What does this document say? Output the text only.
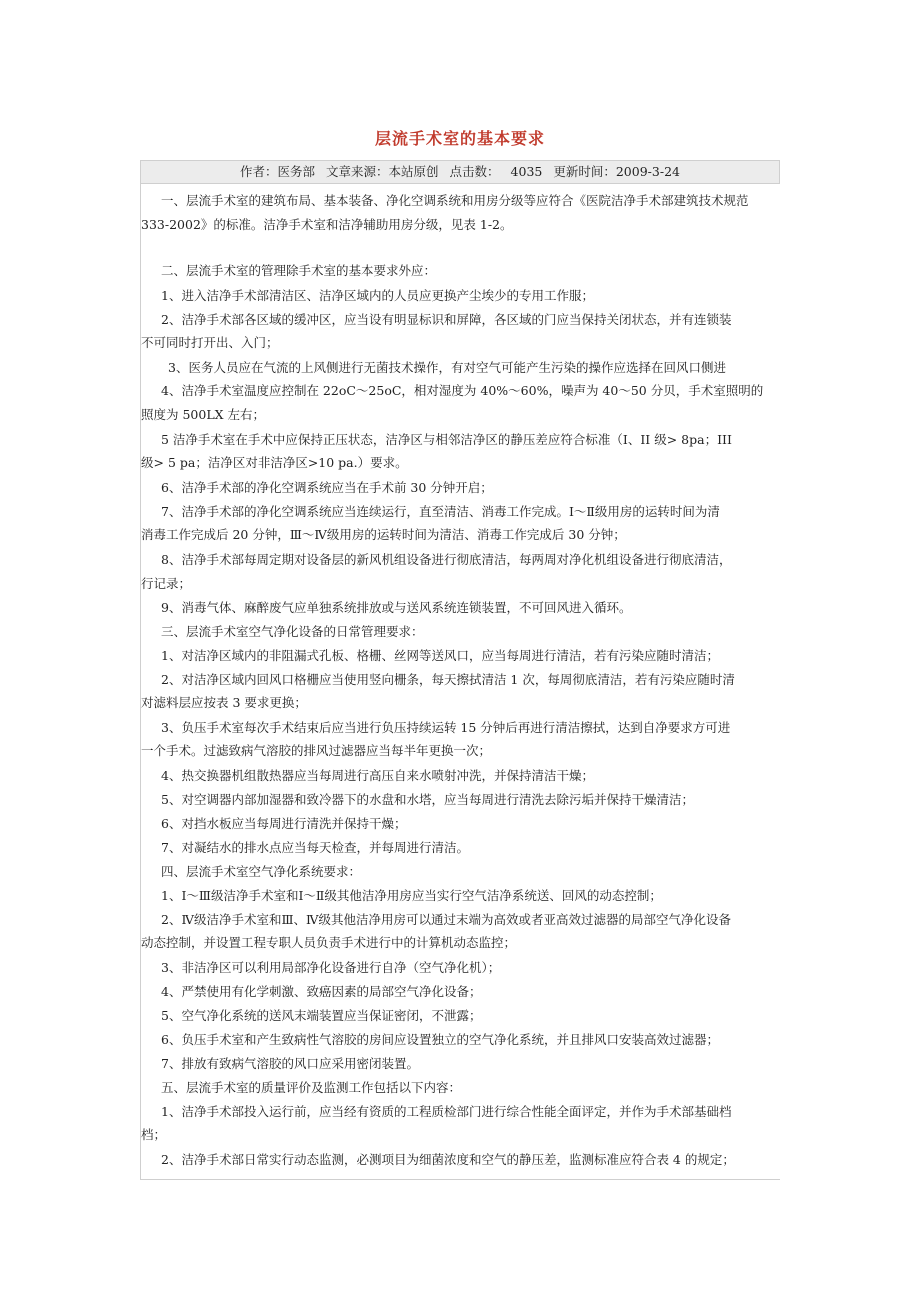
层流手术室的基本要求
作者：医务部 文章来源：本站原创 点击数： 4035 更新时间：2009-3-24
一、层流手术室的建筑布局、基本装备、净化空调系统和用房分级等应符合《医院洁净手术部建筑技术规范
333-2002》的标准。洁净手术室和洁净辅助用房分级，见表 1-2。
二、层流手术室的管理除手术室的基本要求外应：
1、进入洁净手术部清洁区、洁净区域内的人员应更换产尘埃少的专用工作服；
2、洁净手术部各区域的缓冲区，应当设有明显标识和屏障，各区域的门应当保持关闭状态，并有连锁装
不可同时打开出、入门；
3、医务人员应在气流的上风侧进行无菌技术操作，有对空气可能产生污染的操作应选择在回风口侧进
4、洁净手术室温度应控制在 22oC～25oC，相对湿度为 40%～60%，噪声为 40～50 分贝，手术室照明的
照度为 500LX 左右；
5 洁净手术室在手术中应保持正压状态，洁净区与相邻洁净区的静压差应符合标准（I、II 级> 8pa；III
级> 5 pa；洁净区对非洁净区>10 pa.）要求。
6、洁净手术部的净化空调系统应当在手术前 30 分钟开启；
7、洁净手术部的净化空调系统应当连续运行，直至清洁、消毒工作完成。Ⅰ～Ⅱ级用房的运转时间为清
消毒工作完成后 20 分钟，Ⅲ～Ⅳ级用房的运转时间为清洁、消毒工作完成后 30 分钟；
8、洁净手术部每周定期对设备层的新风机组设备进行彻底清洁，每两周对净化机组设备进行彻底清洁，
行记录；
9、消毒气体、麻醉废气应单独系统排放或与送风系统连锁装置，不可回风进入循环。
三、层流手术室空气净化设备的日常管理要求：
1、对洁净区域内的非阻漏式孔板、格栅、丝网等送风口，应当每周进行清洁，若有污染应随时清洁；
2、对洁净区域内回风口格栅应当使用竖向栅条，每天擦拭清洁 1 次，每周彻底清洁，若有污染应随时清
对滤料层应按表 3 要求更换；
3、负压手术室每次手术结束后应当进行负压持续运转 15 分钟后再进行清洁擦拭，达到自净要求方可进
一个手术。过滤致病气溶胶的排风过滤器应当每半年更换一次；
4、热交换器机组散热器应当每周进行高压自来水喷射冲洗，并保持清洁干燥；
5、对空调器内部加湿器和致冷器下的水盘和水塔，应当每周进行清洗去除污垢并保持干燥清洁；
6、对挡水板应当每周进行清洗并保持干燥；
7、对凝结水的排水点应当每天检查，并每周进行清洁。
四、层流手术室空气净化系统要求：
1、Ⅰ～Ⅲ级洁净手术室和Ⅰ～Ⅱ级其他洁净用房应当实行空气洁净系统送、回风的动态控制；
2、Ⅳ级洁净手术室和Ⅲ、Ⅳ级其他洁净用房可以通过末端为高效或者亚高效过滤器的局部空气净化设备
动态控制，并设置工程专职人员负责手术进行中的计算机动态监控；
3、非洁净区可以利用局部净化设备进行自净（空气净化机）；
4、严禁使用有化学刺激、致癌因素的局部空气净化设备；
5、空气净化系统的送风末端装置应当保证密闭，不泄露；
6、负压手术室和产生致病性气溶胶的房间应设置独立的空气净化系统，并且排风口安装高效过滤器；
7、排放有致病气溶胶的风口应采用密闭装置。
五、层流手术室的质量评价及监测工作包括以下内容：
1、洁净手术部投入运行前，应当经有资质的工程质检部门进行综合性能全面评定，并作为手术部基础档
档；
2、洁净手术部日常实行动态监测，必测项目为细菌浓度和空气的静压差，监测标准应符合表 4 的规定；
